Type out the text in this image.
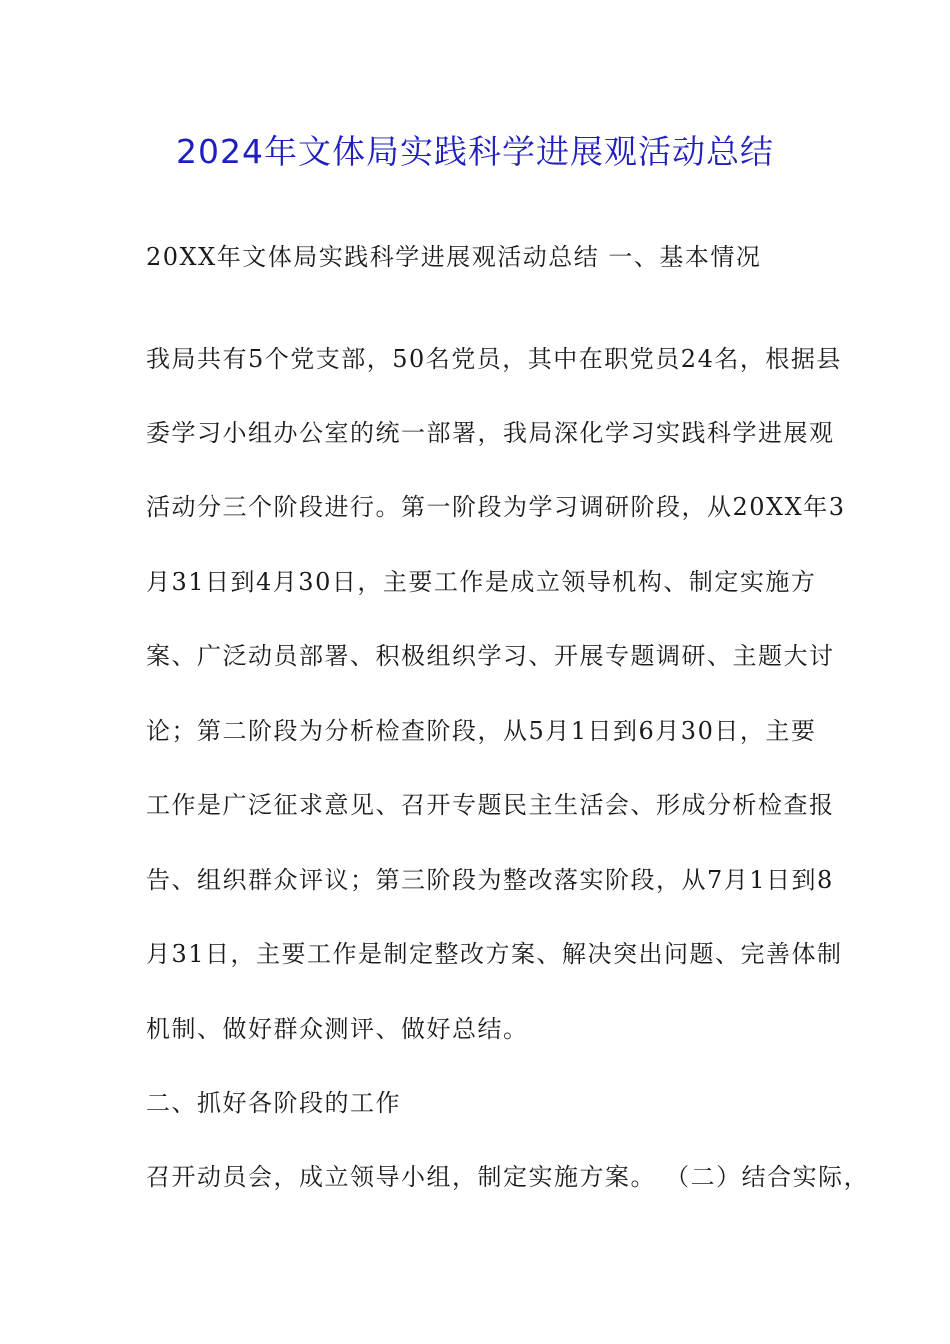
2024年文体局实践科学进展观活动总结
20XX年文体局实践科学进展观活动总结 一、基本情况
我局共有5个党支部，50名党员，其中在职党员24名，根据县
委学习小组办公室的统一部署，我局深化学习实践科学进展观
活动分三个阶段进行。第一阶段为学习调研阶段，从20XX年3
月31日到4月30日，主要工作是成立领导机构、制定实施方
案、广泛动员部署、积极组织学习、开展专题调研、主题大讨
论；第二阶段为分析检查阶段，从5月1日到6月30日，主要
工作是广泛征求意见、召开专题民主生活会、形成分析检查报
告、组织群众评议；第三阶段为整改落实阶段，从7月1日到8
月31日，主要工作是制定整改方案、解决突出问题、完善体制
机制、做好群众测评、做好总结。
二、抓好各阶段的工作
召开动员会，成立领导小组，制定实施方案。 （二）结合实际，
